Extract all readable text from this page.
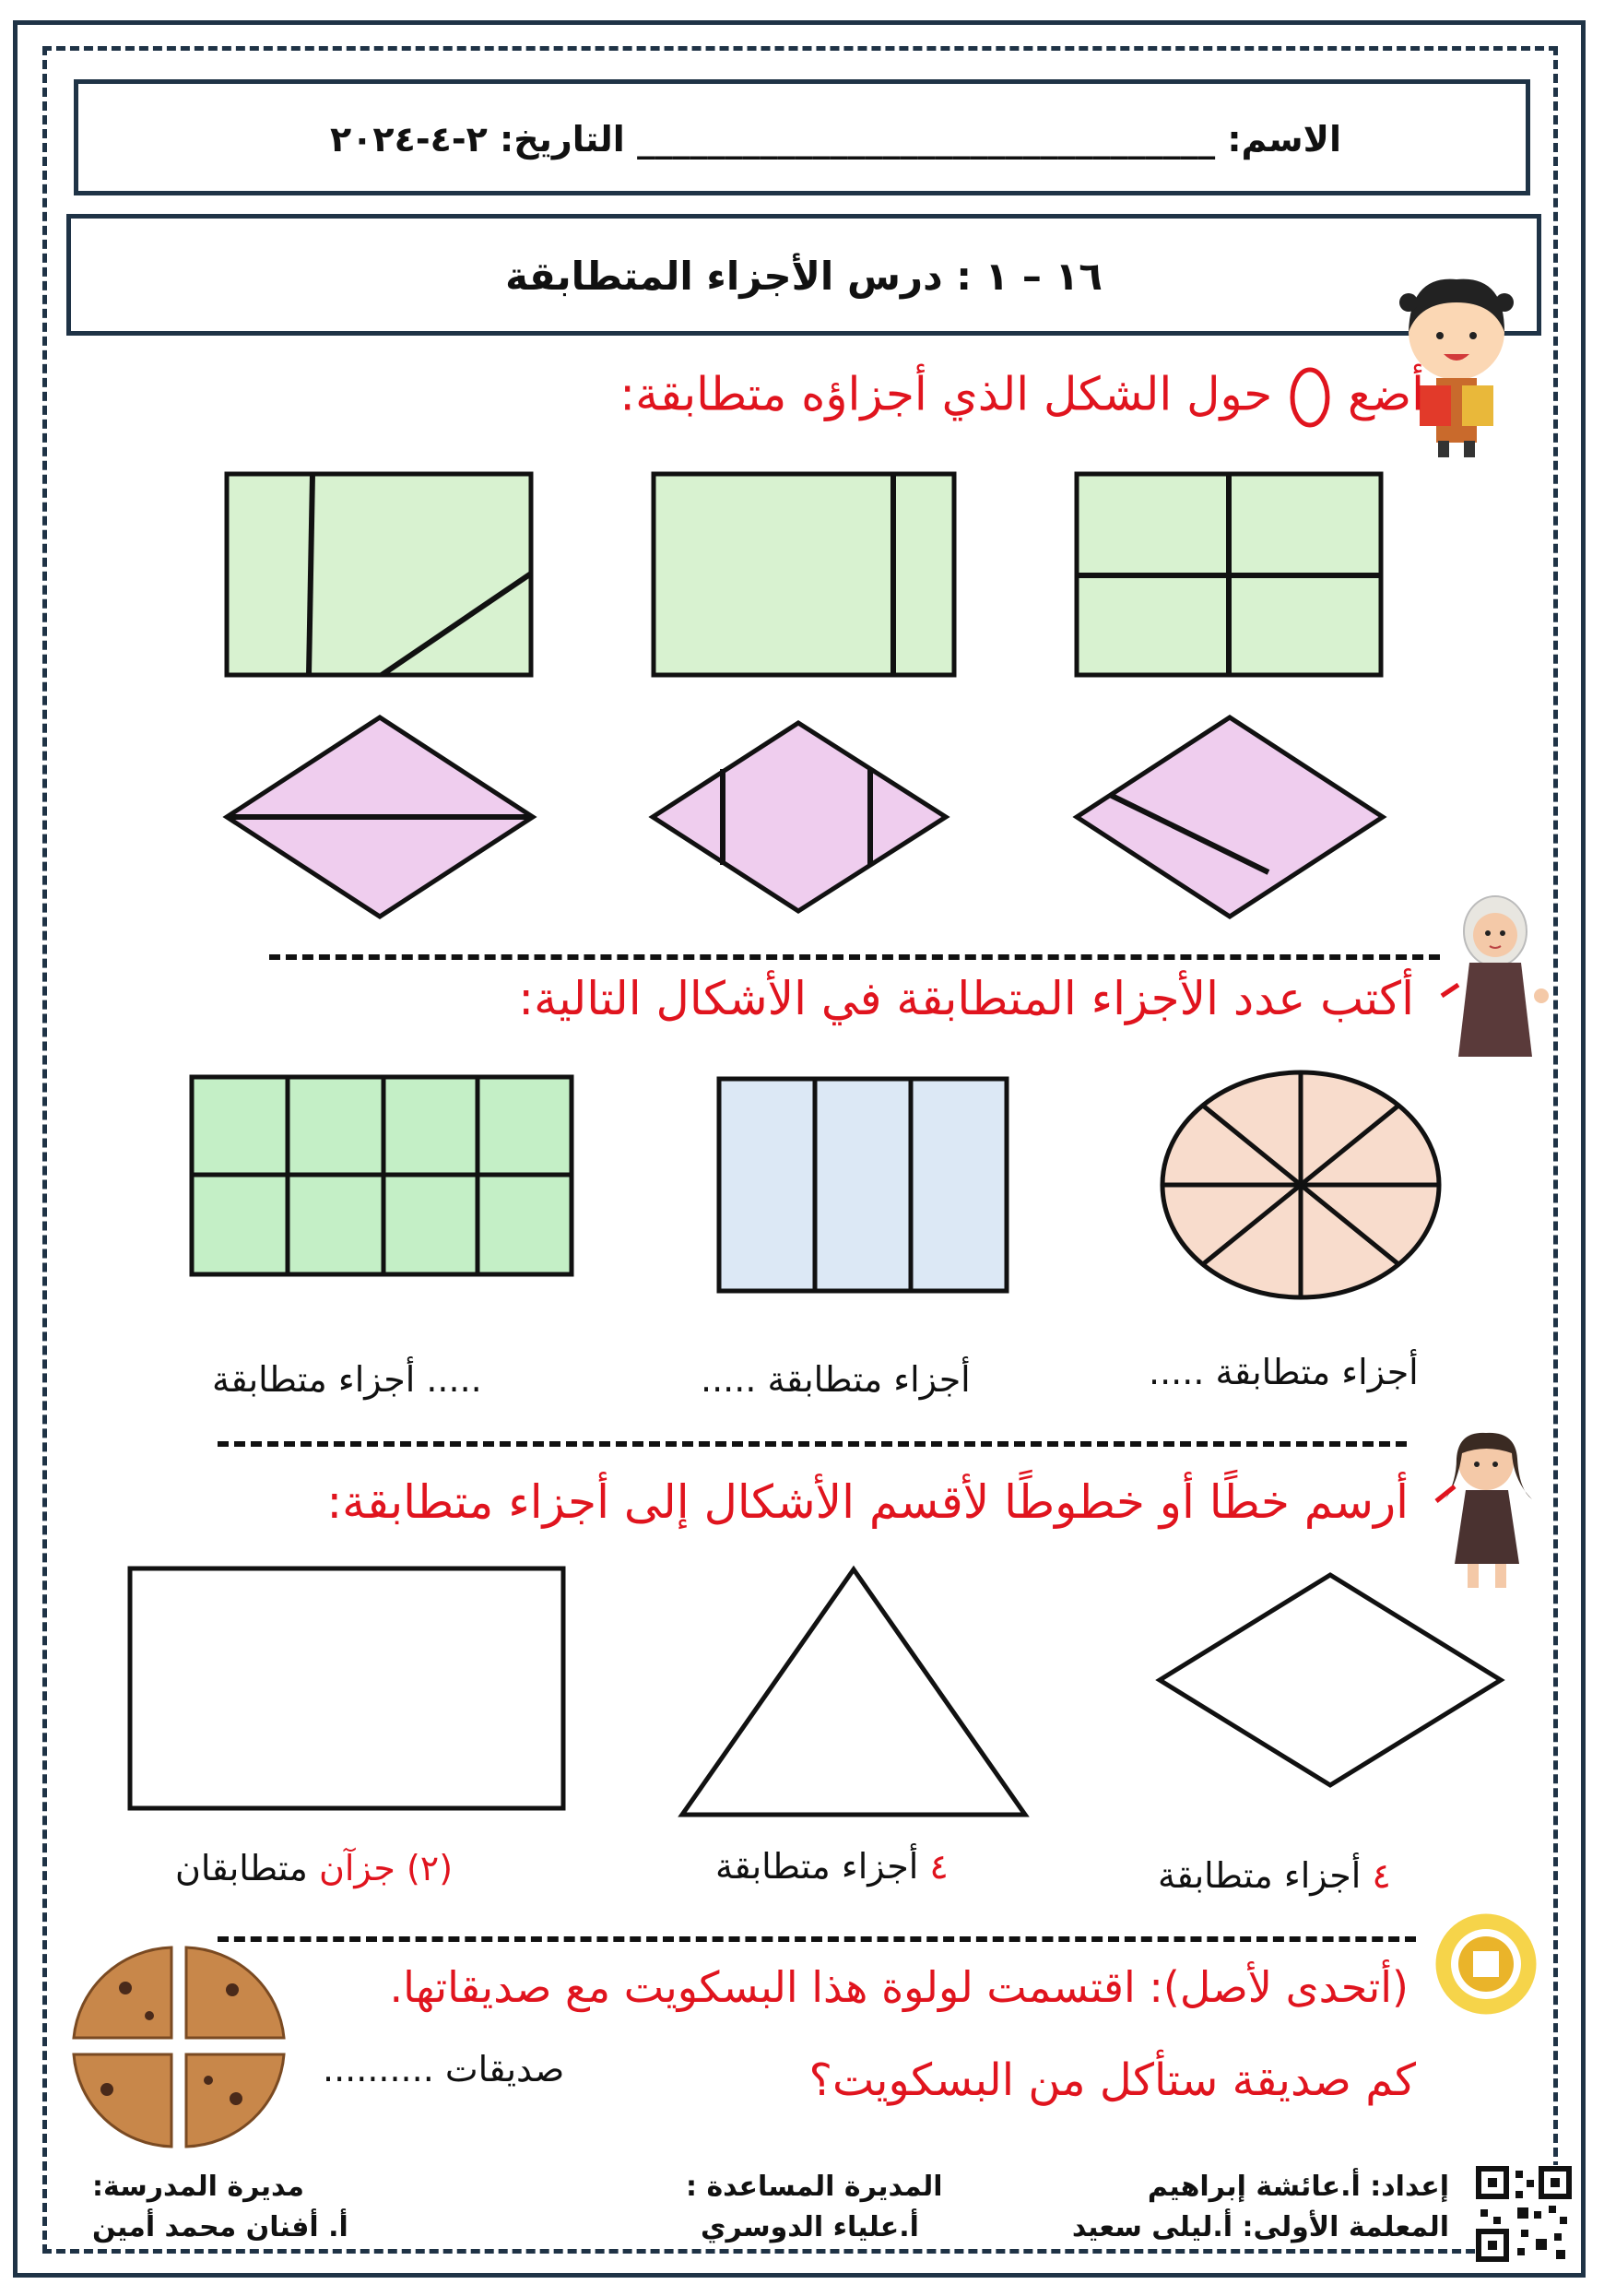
الاسم: _________________________________ التاريخ: ٢-٤-٢٠٢٤
١٦ – ١ : درس الأجزاء المتطابقة
أضع  حول الشكل الذي أجزاؤه متطابقة:
أكتب عدد الأجزاء المتطابقة في الأشكال التالية:
..... أجزاء متطابقة	أجزاء متطابقة .....	أجزاء متطابقة .....
أرسم خطًا أو خطوطًا لأقسم الأشكال إلى أجزاء متطابقة:
٤ أجزاء متطابقة
٤ أجزاء متطابقة
(٢) جزآن متطابقان
(أتحدى لأصل): اقتسمت لولوة هذا البسكويت مع صديقاتها.
كم صديقة ستأكل من البسكويت؟
صديقات ..........
إعداد: أ.عائشة إبراهيم
المعلمة الأولى: أ.ليلى سعيد
المديرة المساعدة :
أ.علياء الدوسري
مديرة المدرسة:
أ. أفنان محمد أمين
